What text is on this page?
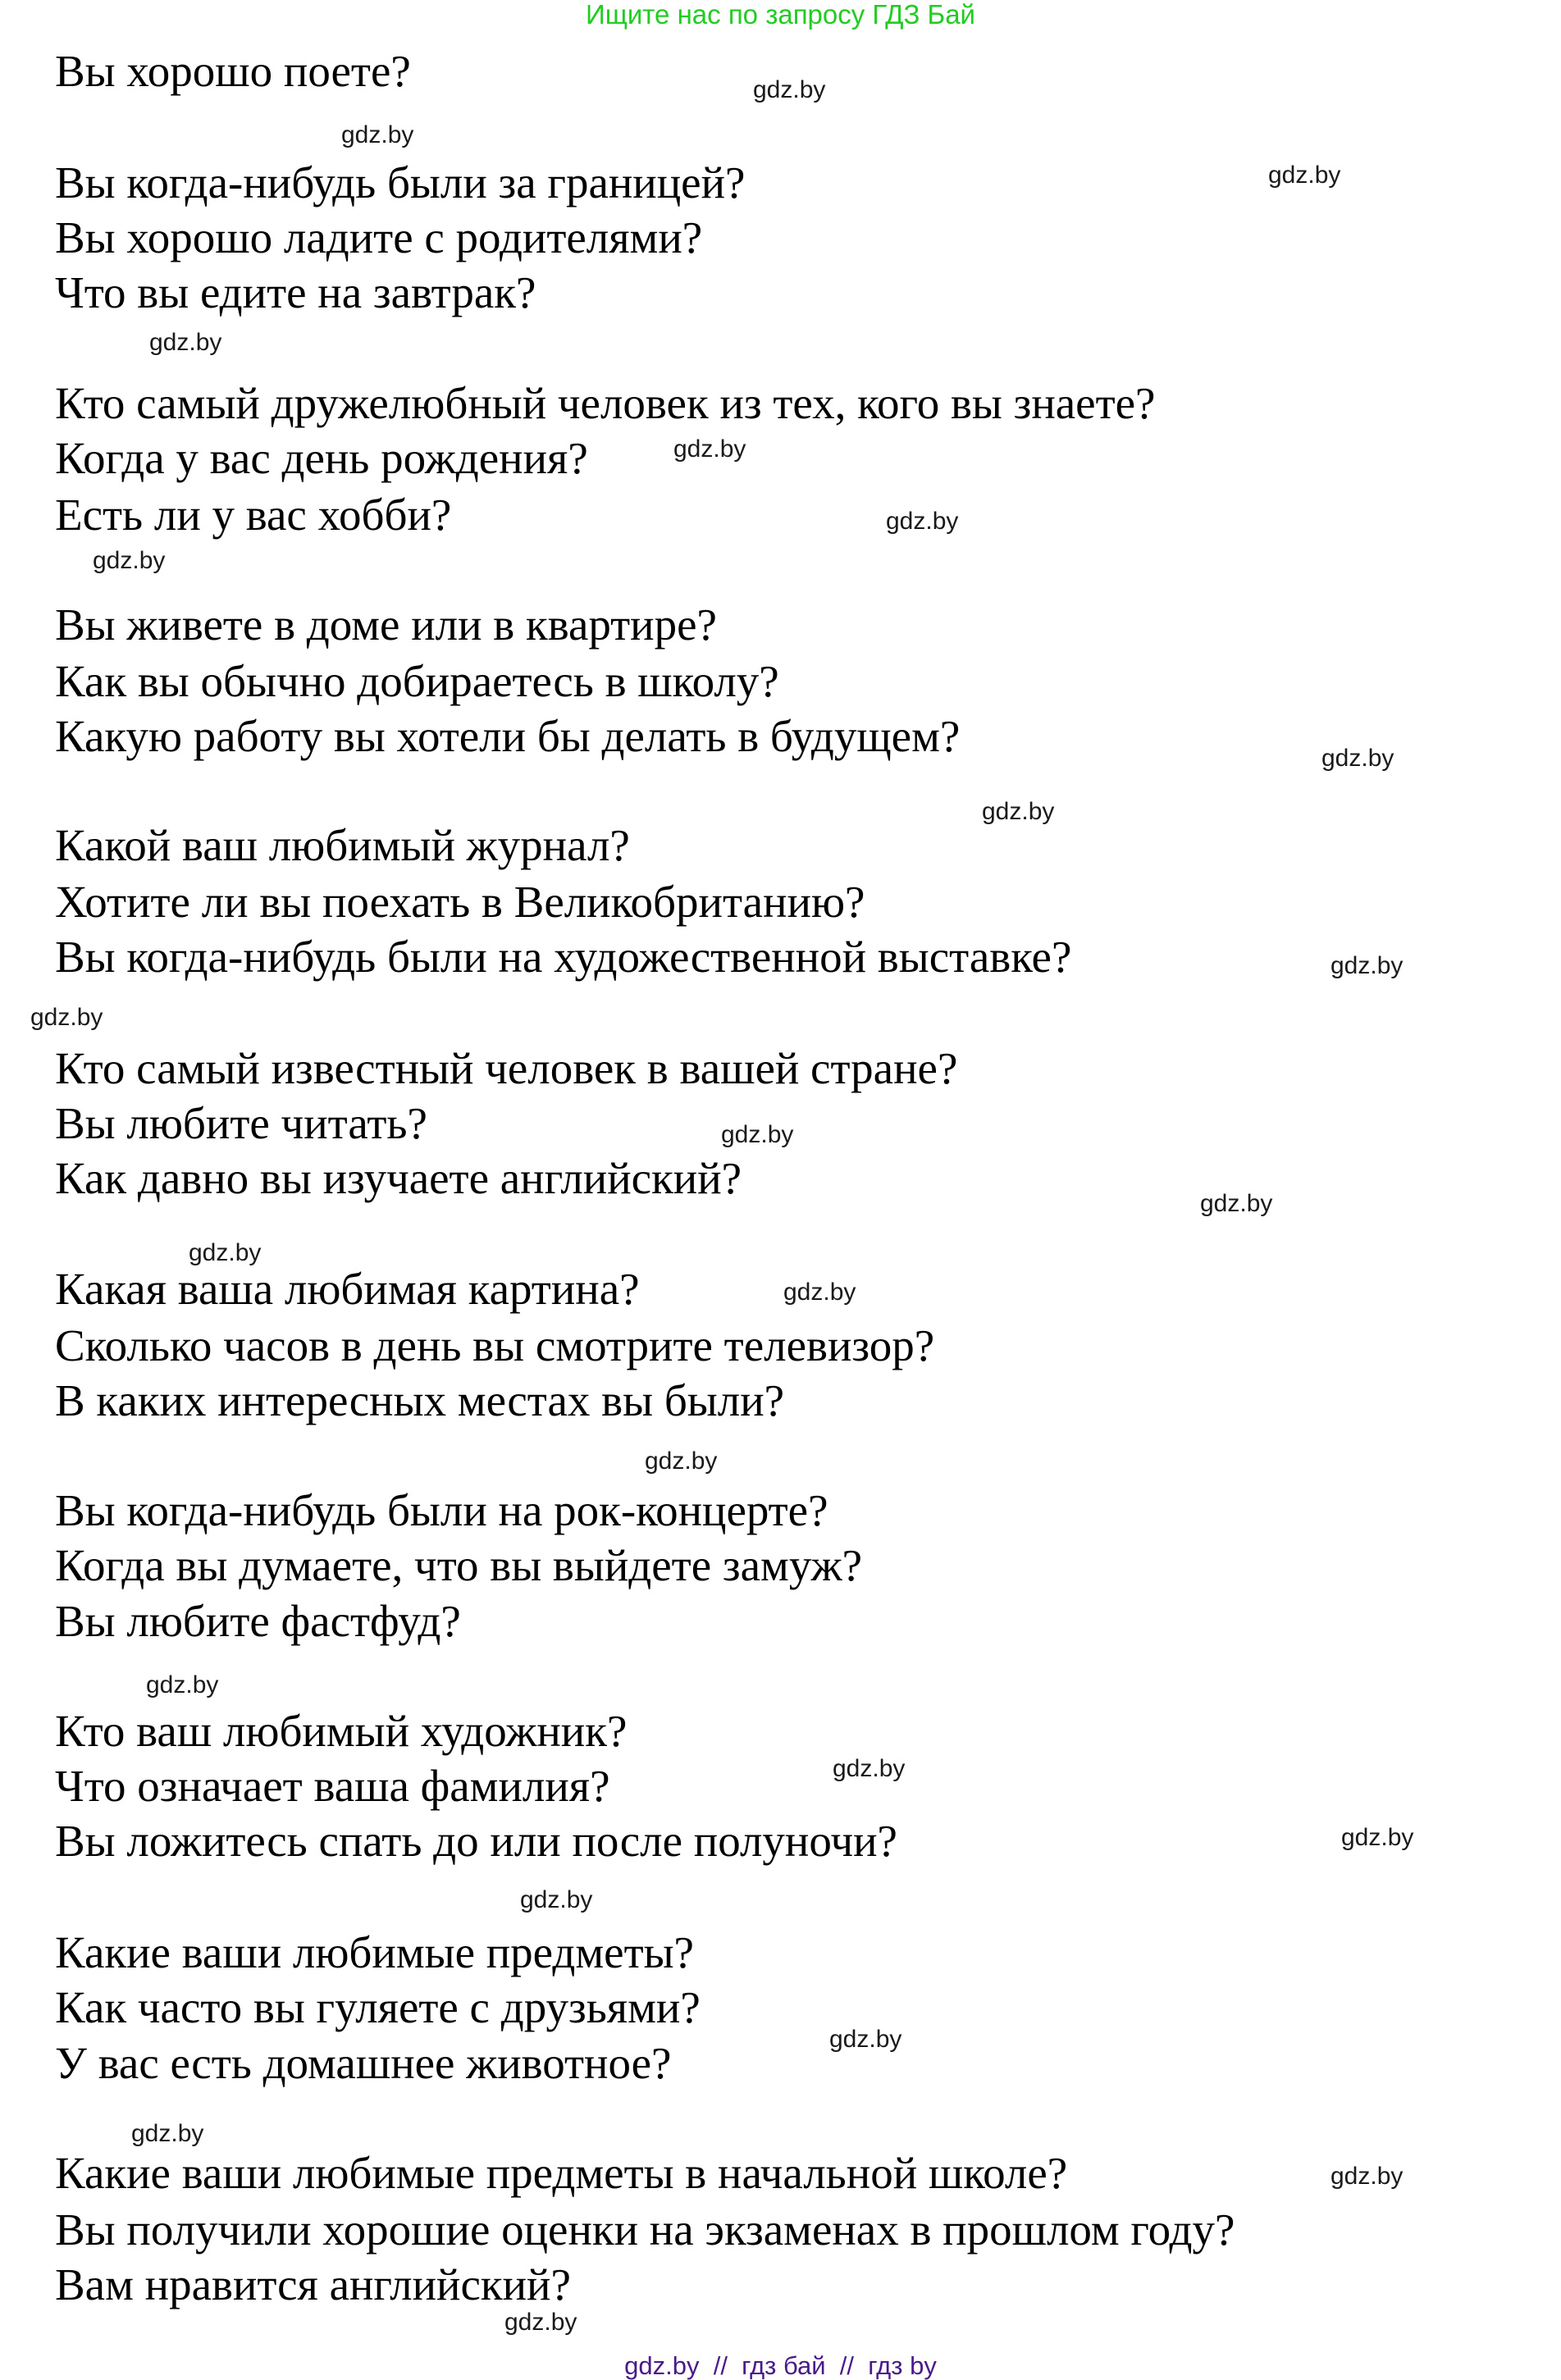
Ищите нас по запросу ГДЗ Бай
Вы хорошо поете?
Вы когда-нибудь были за границей?
Вы хорошо ладите с родителями?
Что вы едите на завтрак?
Кто самый дружелюбный человек из тех, кого вы знаете?
Когда у вас день рождения?
Есть ли у вас хобби?
Вы живете в доме или в квартире?
Как вы обычно добираетесь в школу?
Какую работу вы хотели бы делать в будущем?
Какой ваш любимый журнал?
Хотите ли вы поехать в Великобританию?
Вы когда-нибудь были на художественной выставке?
Кто самый известный человек в вашей стране?
Вы любите читать?
Как давно вы изучаете английский?
Какая ваша любимая картина?
Сколько часов в день вы смотрите телевизор?
В каких интересных местах вы были?
Вы когда-нибудь были на рок-концерте?
Когда вы думаете, что вы выйдете замуж?
Вы любите фастфуд?
Кто ваш любимый художник?
Что означает ваша фамилия?
Вы ложитесь спать до или после полуночи?
Какие ваши любимые предметы?
Как часто вы гуляете с друзьями?
У вас есть домашнее животное?
Какие ваши любимые предметы в начальной школе?
Вы получили хорошие оценки на экзаменах в прошлом году?
Вам нравится английский?
gdz.by
gdz.by
gdz.by
gdz.by
gdz.by
gdz.by
gdz.by
gdz.by
gdz.by
gdz.by
gdz.by
gdz.by
gdz.by
gdz.by
gdz.by
gdz.by
gdz.by
gdz.by
gdz.by
gdz.by
gdz.by
gdz.by
gdz.by
gdz.by
gdz.by  //  гдз бай  //  гдз by
